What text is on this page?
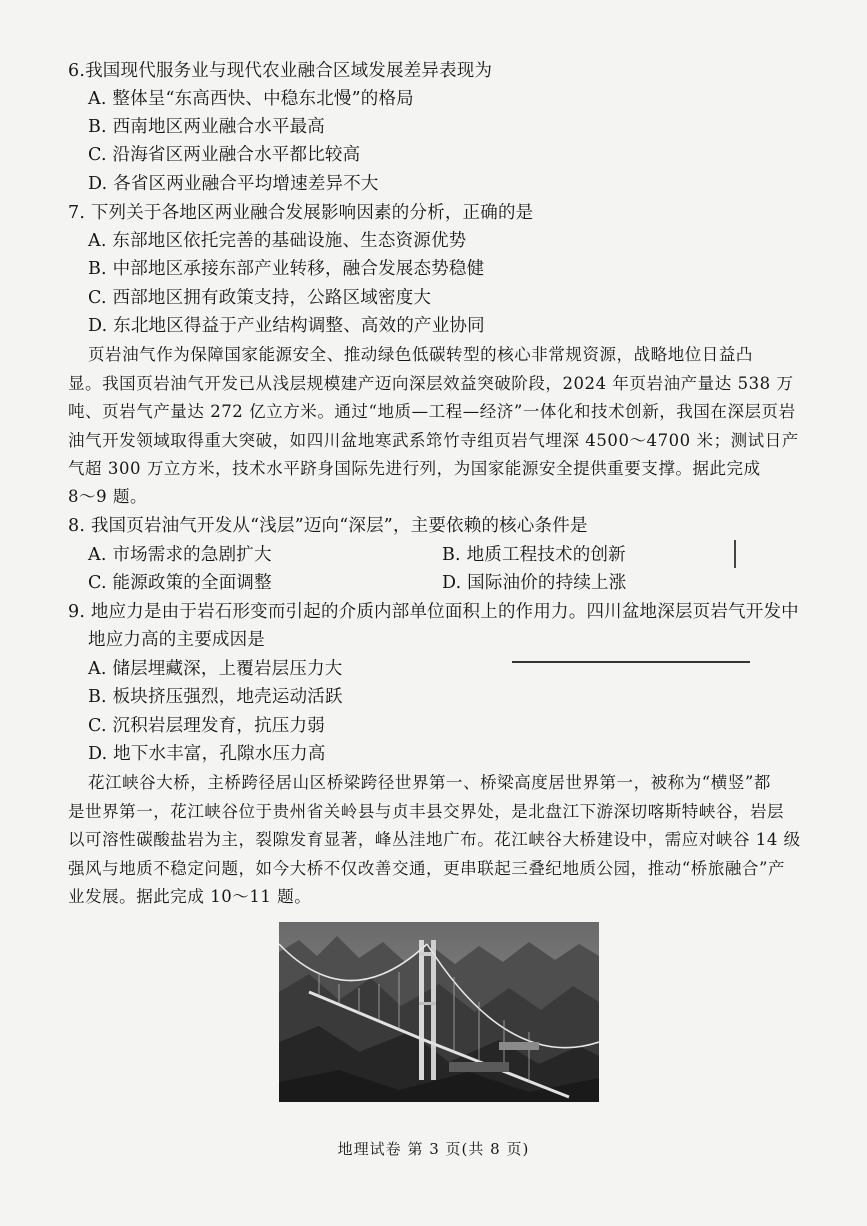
6.我国现代服务业与现代农业融合区域发展差异表现为
A. 整体呈“东高西快、中稳东北慢”的格局
B. 西南地区两业融合水平最高
C. 沿海省区两业融合水平都比较高
D. 各省区两业融合平均增速差异不大
7. 下列关于各地区两业融合发展影响因素的分析，正确的是
A. 东部地区依托完善的基础设施、生态资源优势
B. 中部地区承接东部产业转移，融合发展态势稳健
C. 西部地区拥有政策支持，公路区域密度大
D. 东北地区得益于产业结构调整、高效的产业协同
页岩油气作为保障国家能源安全、推动绿色低碳转型的核心非常规资源，战略地位日益凸
显。我国页岩油气开发已从浅层规模建产迈向深层效益突破阶段，2024 年页岩油产量达 538 万
吨、页岩气产量达 272 亿立方米。通过“地质—工程—经济”一体化和技术创新，我国在深层页岩
油气开发领域取得重大突破，如四川盆地寒武系筇竹寺组页岩气埋深 4500～4700 米；测试日产
气超 300 万立方米，技术水平跻身国际先进行列，为国家能源安全提供重要支撑。据此完成
8～9 题。
8. 我国页岩油气开发从“浅层”迈向“深层”，主要依赖的核心条件是
A. 市场需求的急剧扩大	B. 地质工程技术的创新
C. 能源政策的全面调整	D. 国际油价的持续上涨
9. 地应力是由于岩石形变而引起的介质内部单位面积上的作用力。四川盆地深层页岩气开发中
地应力高的主要成因是
A. 储层埋藏深，上覆岩层压力大
B. 板块挤压强烈，地壳运动活跃
C. 沉积岩层理发育，抗压力弱
D. 地下水丰富，孔隙水压力高
花江峡谷大桥，主桥跨径居山区桥梁跨径世界第一、桥梁高度居世界第一，被称为“横竖”都
是世界第一，花江峡谷位于贵州省关岭县与贞丰县交界处，是北盘江下游深切喀斯特峡谷，岩层
以可溶性碳酸盐岩为主，裂隙发育显著，峰丛洼地广布。花江峡谷大桥建设中，需应对峡谷 14 级
强风与地质不稳定问题，如今大桥不仅改善交通，更串联起三叠纪地质公园，推动“桥旅融合”产
业发展。据此完成 10～11 题。
地理试卷 第 3 页(共 8 页)
